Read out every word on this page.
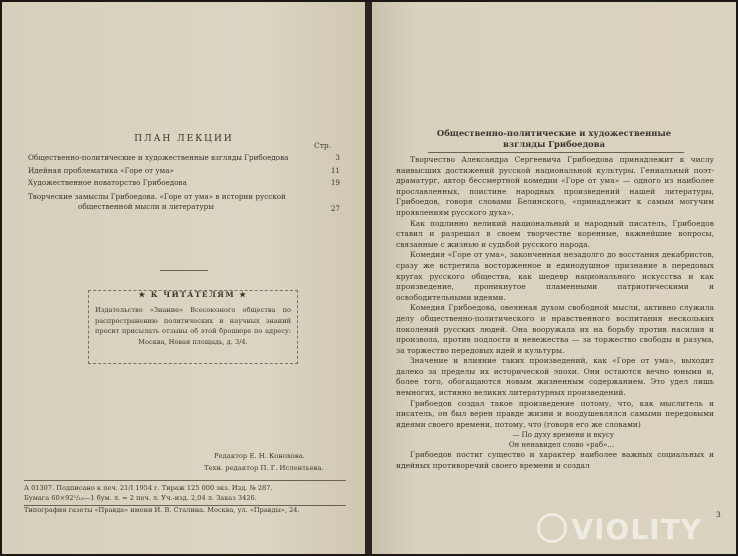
ПЛАН ЛЕКЦИИ
Стр.
Общественно-политические и художественные взгляды Грибоедова	3
Идейная проблематика «Горе от ума»	11
Художественное новаторство Грибоедова	19
Творческие замыслы Грибоедова. «Горе от ума» в истории русской
общественной мысли и литературы	27
★ К ЧИТАТЕЛЯМ ★
Издательство «Знание» Всесоюзного общества по распространению политических и научных знаний просит присылать отзывы об этой брошюре по адресу: Москва, Новая площадь, д. 3/4.
Редактор Е. Н. Коноховa.
Техн. редактор П. Г. Ислентьева.
А 01307. Подписано к печ. 21/I 1954 г. Тираж 125 000 экз. Изд. № 287.
Бумага 60×92¹/₁₆—1 бум. л. = 2 печ. л. Уч.-изд. 2,04 л. Заказ 3426.
Типография газеты «Правда» имени И. В. Сталина. Москва, ул. «Правды», 24.
Общественно-политические и художественные
взгляды Грибоедова

Творчество Александра Сергеевича Грибоедова принадлежит к числу наивысших достижений русской национальной культуры. Гениальный поэт-драматург, автор бессмертной комедии «Горе от ума» — одного из наиболее прославленных, поистине народных произведений нашей литературы, Грибоедов, говоря словами Белинского, «принадлежит к самым могучим проявлениям русского духа».

Как подлинно великий национальный и народный писатель, Грибоедов ставил и разрешал в своем творчестве коренные, важнейшие вопросы, связанные с жизнью и судьбой русского народа.

Комедия «Горе от ума», законченная незадолго до восстания декабристов, сразу же встретила восторженное и единодушное признание в передовых кругах русского общества, как шедевр национального искусства и как произведение, проникнутое пламенными патриотическими и освободительными идеями.

Комедия Грибоедова, овеянная духом свободной мысли, активно служила делу общественно-политического и нравственного воспитания нескольких поколений русских людей. Она вооружала их на борьбу против насилия и произвола, против подлости и невежества — за торжество свободы и разума, за торжество передовых идей и культуры.

Значение и влияние таких произведений, как «Горе от ума», выходит далеко за пределы их исторической эпохи. Они остаются вечно юными и, более того, обогащаются новым жизненным содержанием. Это удел лишь немногих, истинно великих литературных произведений.

Грибоедов создал такое произведение потому, что, как мыслитель и писатель, он был верен правде жизни и воодушевлялся самыми передовыми идеями своего времени, потому, что (говоря его же словами)

— По духу времени и вкусу
Он ненавидел слово «раб»...

Грибоедов постиг существо и характер наиболее важных социальных и идейных противоречий своего времени и создал

3
VIOLITY
